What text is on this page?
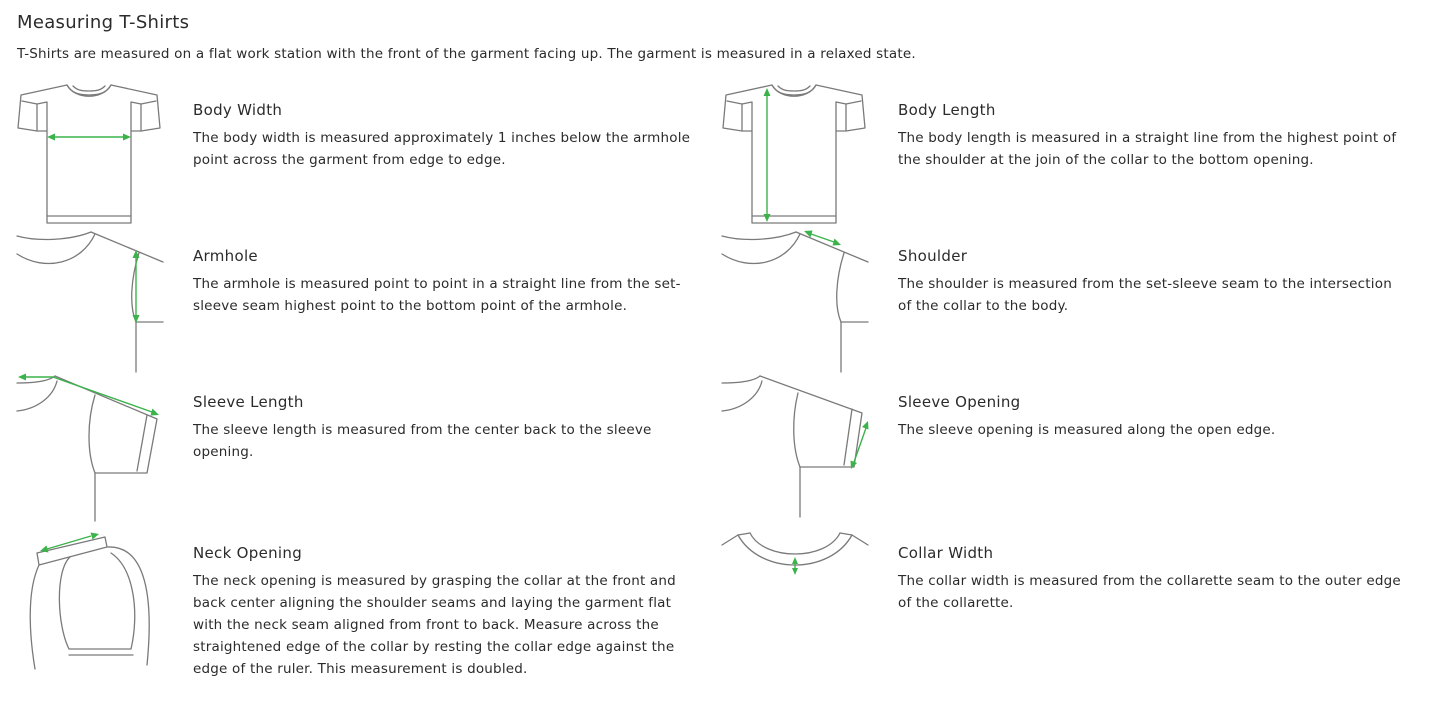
Measuring T-Shirts

T-Shirts are measured on a flat work station with the front of the garment facing up. The garment is measured in a relaxed state.

Body Width

The body width is measured approximately 1 inches below the armhole point across the garment from edge to edge.

Body Length

The body length is measured in a straight line from the highest point of the shoulder at the join of the collar to the bottom opening.

Armhole

The armhole is measured point to point in a straight line from the set-sleeve seam highest point to the bottom point of the armhole.

Shoulder

The shoulder is measured from the set-sleeve seam to the intersection of the collar to the body.

Sleeve Length

The sleeve length is measured from the center back to the sleeve opening.

Sleeve Opening

The sleeve opening is measured along the open edge.

Neck Opening

The neck opening is measured by grasping the collar at the front and back center aligning the shoulder seams and laying the garment flat with the neck seam aligned from front to back. Measure across the straightened edge of the collar by resting the collar edge against the edge of the ruler. This measurement is doubled.

Collar Width

The collar width is measured from the collarette seam to the outer edge of the collarette.
